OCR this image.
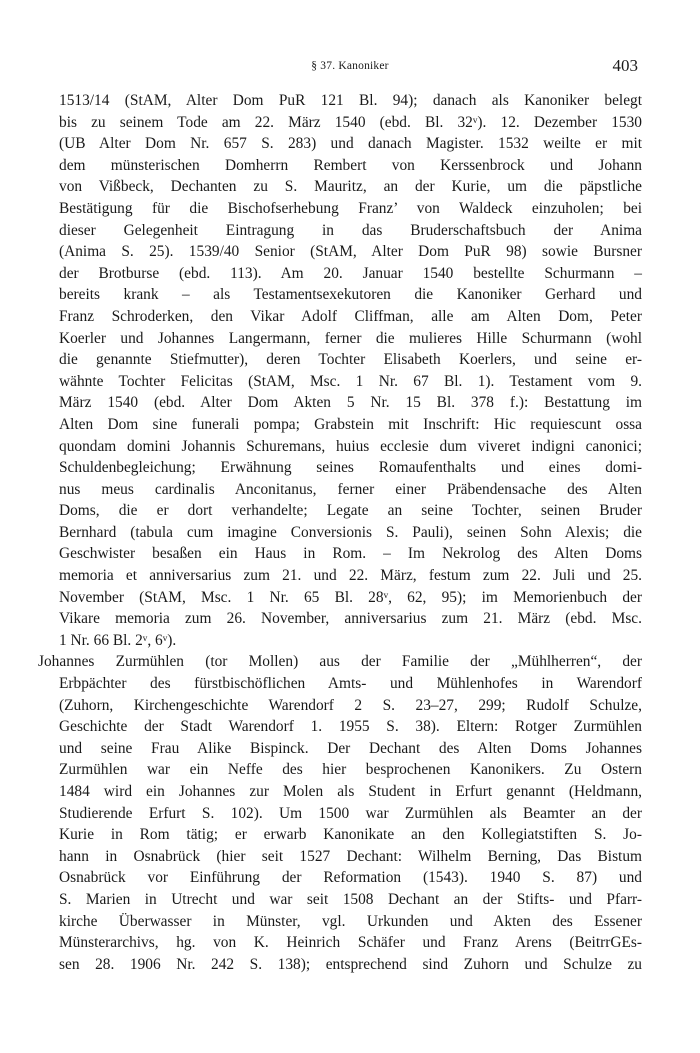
§ 37. Kanoniker	403
1513/14 (StAM, Alter Dom PuR 121 Bl. 94); danach als Kanoniker belegt
bis zu seinem Tode am 22. März 1540 (ebd. Bl. 32ᵛ). 12. Dezember 1530
(UB Alter Dom Nr. 657 S. 283) und danach Magister. 1532 weilte er mit
dem münsterischen Domherrn Rembert von Kerssenbrock und Johann
von Vißbeck, Dechanten zu S. Mauritz, an der Kurie, um die päpstliche
Bestätigung für die Bischofserhebung Franz’ von Waldeck einzuholen; bei
dieser Gelegenheit Eintragung in das Bruderschaftsbuch der Anima
(Anima S. 25). 1539/40 Senior (StAM, Alter Dom PuR 98) sowie Bursner
der Brotburse (ebd. 113). Am 20. Januar 1540 bestellte Schurmann –
bereits krank – als Testamentsexekutoren die Kanoniker Gerhard und
Franz Schroderken, den Vikar Adolf Cliffman, alle am Alten Dom, Peter
Koerler und Johannes Langermann, ferner die mulieres Hille Schurmann (wohl
die genannte Stiefmutter), deren Tochter Elisabeth Koerlers, und seine er-
wähnte Tochter Felicitas (StAM, Msc. 1 Nr. 67 Bl. 1). Testament vom 9.
März 1540 (ebd. Alter Dom Akten 5 Nr. 15 Bl. 378 f.): Bestattung im
Alten Dom sine funerali pompa; Grabstein mit Inschrift: Hic requiescunt ossa
quondam domini Johannis Schuremans, huius ecclesie dum viveret indigni canonici;
Schuldenbegleichung; Erwähnung seines Romaufenthalts und eines domi-
nus meus cardinalis Anconitanus, ferner einer Präbendensache des Alten
Doms, die er dort verhandelte; Legate an seine Tochter, seinen Bruder
Bernhard (tabula cum imagine Conversionis S. Pauli), seinen Sohn Alexis; die
Geschwister besaßen ein Haus in Rom. – Im Nekrolog des Alten Doms
memoria et anniversarius zum 21. und 22. März, festum zum 22. Juli und 25.
November (StAM, Msc. 1 Nr. 65 Bl. 28ᵛ, 62, 95); im Memorienbuch der
Vikare memoria zum 26. November, anniversarius zum 21. März (ebd. Msc.
1 Nr. 66 Bl. 2ᵛ, 6ᵛ).
Johannes Zurmühlen (tor Mollen) aus der Familie der „Mühlherren“, der
Erbpächter des fürstbischöflichen Amts- und Mühlenhofes in Warendorf
(Zuhorn, Kirchengeschichte Warendorf 2 S. 23–27, 299; Rudolf Schulze,
Geschichte der Stadt Warendorf 1. 1955 S. 38). Eltern: Rotger Zurmühlen
und seine Frau Alike Bispinck. Der Dechant des Alten Doms Johannes
Zurmühlen war ein Neffe des hier besprochenen Kanonikers. Zu Ostern
1484 wird ein Johannes zur Molen als Student in Erfurt genannt (Heldmann,
Studierende Erfurt S. 102). Um 1500 war Zurmühlen als Beamter an der
Kurie in Rom tätig; er erwarb Kanonikate an den Kollegiatstiften S. Jo-
hann in Osnabrück (hier seit 1527 Dechant: Wilhelm Berning, Das Bistum
Osnabrück vor Einführung der Reformation (1543). 1940 S. 87) und
S. Marien in Utrecht und war seit 1508 Dechant an der Stifts- und Pfarr-
kirche Überwasser in Münster, vgl. Urkunden und Akten des Essener
Münsterarchivs, hg. von K. Heinrich Schäfer und Franz Arens (BeitrrGEs-
sen 28. 1906 Nr. 242 S. 138); entsprechend sind Zuhorn und Schulze zu
